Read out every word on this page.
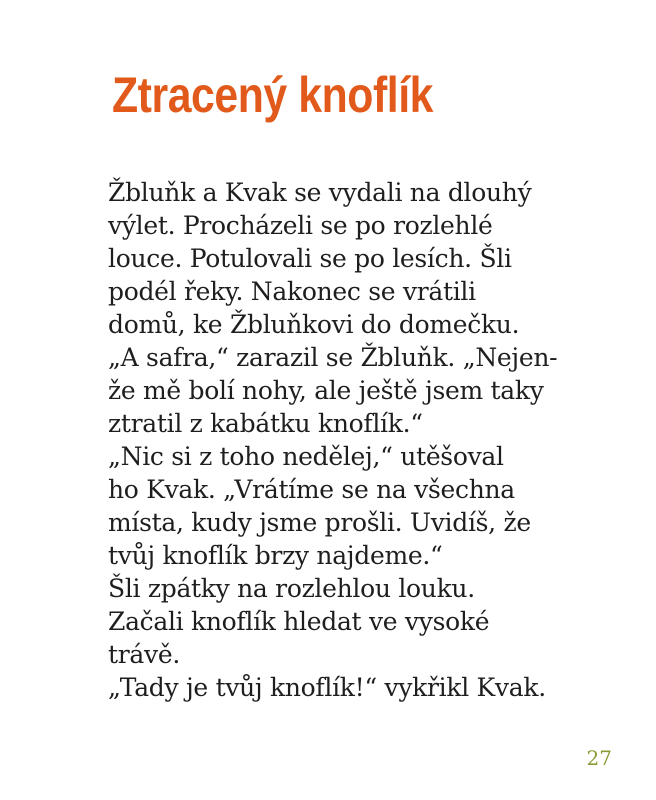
Ztracený knoflík
Žbluňk a Kvak se vydali na dlouhý
výlet. Procházeli se po rozlehlé
louce. Potulovali se po lesích. Šli
podél řeky. Nakonec se vrátili
domů, ke Žbluňkovi do domečku.
„A safra,“ zarazil se Žbluňk. „Nejen-
že mě bolí nohy, ale ještě jsem taky
ztratil z kabátku knoflík.“
„Nic si z toho nedělej,“ utěšoval
ho Kvak. „Vrátíme se na všechna
místa, kudy jsme prošli. Uvidíš, že
tvůj knoflík brzy najdeme.“
Šli zpátky na rozlehlou louku.
Začali knoflík hledat ve vysoké
trávě.
„Tady je tvůj knoflík!“ vykřikl Kvak.
27
